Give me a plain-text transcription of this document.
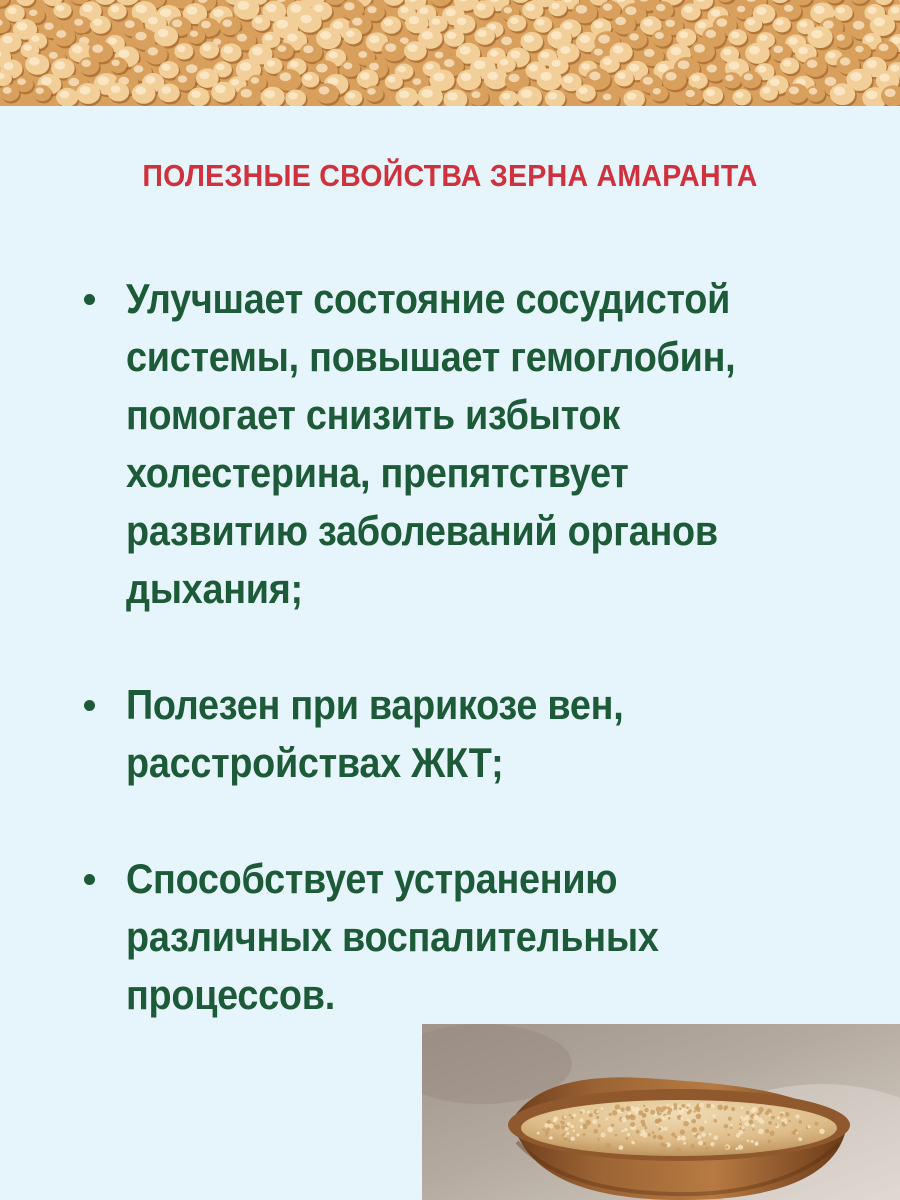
ПОЛЕЗНЫЕ СВОЙСТВА ЗЕРНА АМАРАНТА
Улучшает состояние сосудистой
системы, повышает гемоглобин,
помогает снизить избыток
холестерина, препятствует
развитию заболеваний органов
дыхания;
Полезен при варикозе вен,
расстройствах ЖКТ;
Способствует устранению
различных воспалительных
процессов.
